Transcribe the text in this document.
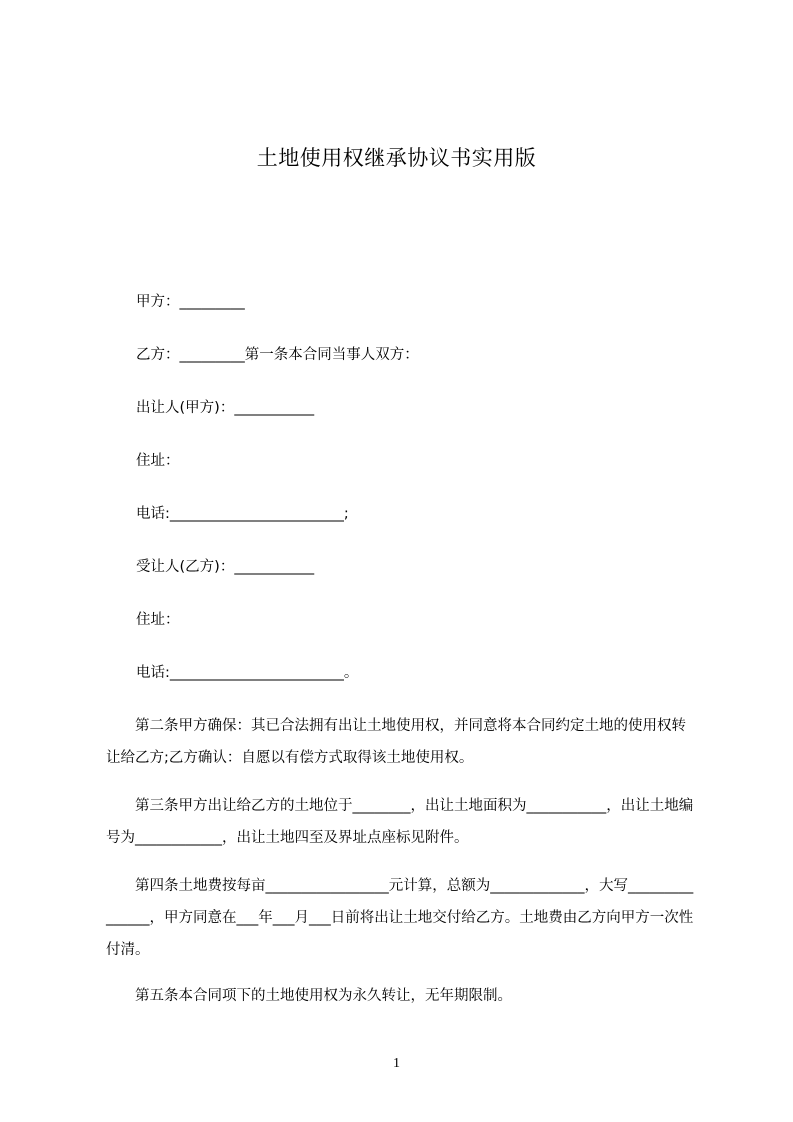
土地使用权继承协议书实用版
甲方：_________
乙方：_________第一条本合同当事人双方：
出让人(甲方)：___________
住址：
电话:________________________;
受让人(乙方)：___________
住址：
电话:________________________。
第二条甲方确保：其已合法拥有出让土地使用权，并同意将本合同约定土地的使用权转让给乙方;乙方确认：自愿以有偿方式取得该土地使用权。
第三条甲方出让给乙方的土地位于________，出让土地面积为___________，出让土地编号为____________，出让土地四至及界址点座标见附件。
第四条土地费按每亩_________________元计算，总额为_____________，大写_______________，甲方同意在___年___月___日前将出让土地交付给乙方。土地费由乙方向甲方一次性付清。
第五条本合同项下的土地使用权为永久转让，无年期限制。
1
